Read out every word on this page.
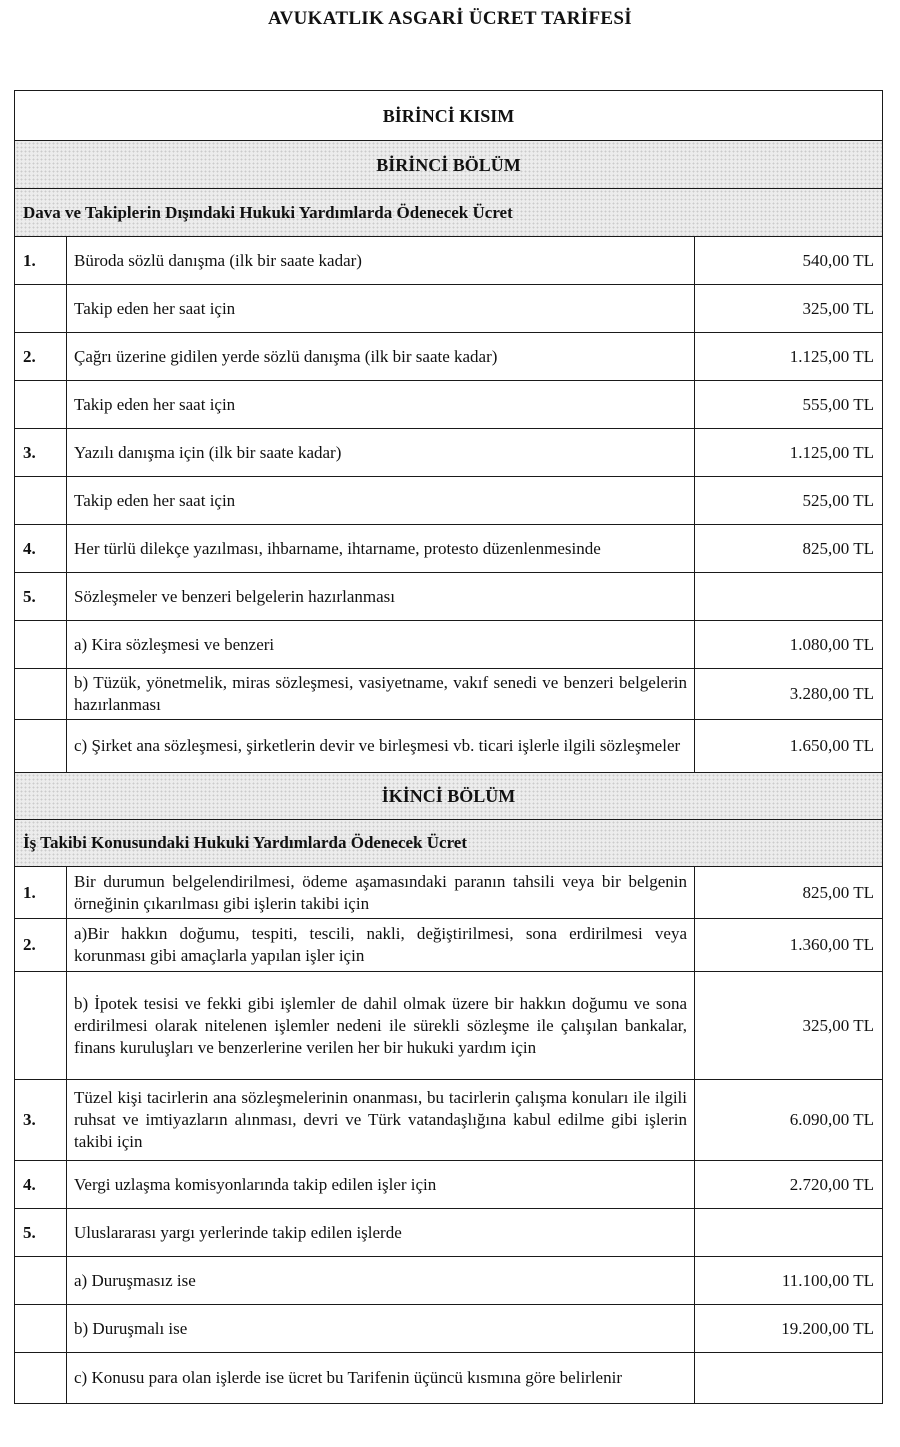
AVUKATLIK ASGARİ ÜCRET TARİFESİ
BİRİNCİ KISIM		
BİRİNCİ BÖLÜM		
Dava ve Takiplerin Dışındaki Hukuki Yardımlarda Ödenecek Ücret		
1.	Büroda sözlü danışma (ilk bir saate kadar)	540,00 TL
	Takip eden her saat için	325,00 TL
2.	Çağrı üzerine gidilen yerde sözlü danışma (ilk bir saate kadar)	1.125,00 TL
	Takip eden her saat için	555,00 TL
3.	Yazılı danışma için (ilk bir saate kadar)	1.125,00 TL
	Takip eden her saat için	525,00 TL
4.	Her türlü dilekçe yazılması, ihbarname, ihtarname, protesto düzenlenmesinde	825,00 TL
5.	Sözleşmeler ve benzeri belgelerin hazırlanması	
	a) Kira sözleşmesi ve benzeri	1.080,00 TL
	b) Tüzük, yönetmelik, miras sözleşmesi, vasiyetname, vakıf senedi ve benzeri belgelerin hazırlanması	3.280,00 TL
	c) Şirket ana sözleşmesi, şirketlerin devir ve birleşmesi vb. ticari işlerle ilgili sözleşmeler	1.650,00 TL
İKİNCİ BÖLÜM		
İş Takibi Konusundaki Hukuki Yardımlarda Ödenecek Ücret		
1.	Bir durumun belgelendirilmesi, ödeme aşamasındaki paranın tahsili veya bir belgenin örneğinin çıkarılması gibi işlerin takibi için	825,00 TL
2.	a)Bir hakkın doğumu, tespiti, tescili, nakli, değiştirilmesi, sona erdirilmesi veya korunması gibi amaçlarla yapılan işler için	1.360,00 TL
	b) İpotek tesisi ve fekki gibi işlemler de dahil olmak üzere bir hakkın doğumu ve sona erdirilmesi olarak nitelenen işlemler nedeni ile sürekli sözleşme ile çalışılan bankalar, finans kuruluşları ve benzerlerine verilen her bir hukuki yardım için	325,00 TL
3.	Tüzel kişi tacirlerin ana sözleşmelerinin onanması, bu tacirlerin çalışma konuları ile ilgili ruhsat ve imtiyazların alınması, devri ve Türk vatandaşlığına kabul edilme gibi işlerin takibi için	6.090,00 TL
4.	Vergi uzlaşma komisyonlarında takip edilen işler için	2.720,00 TL
5.	Uluslararası yargı yerlerinde takip edilen işlerde	
	a) Duruşmasız ise	11.100,00 TL
	b) Duruşmalı ise	19.200,00 TL
	c) Konusu para olan işlerde ise ücret bu Tarifenin üçüncü kısmına göre belirlenir	
